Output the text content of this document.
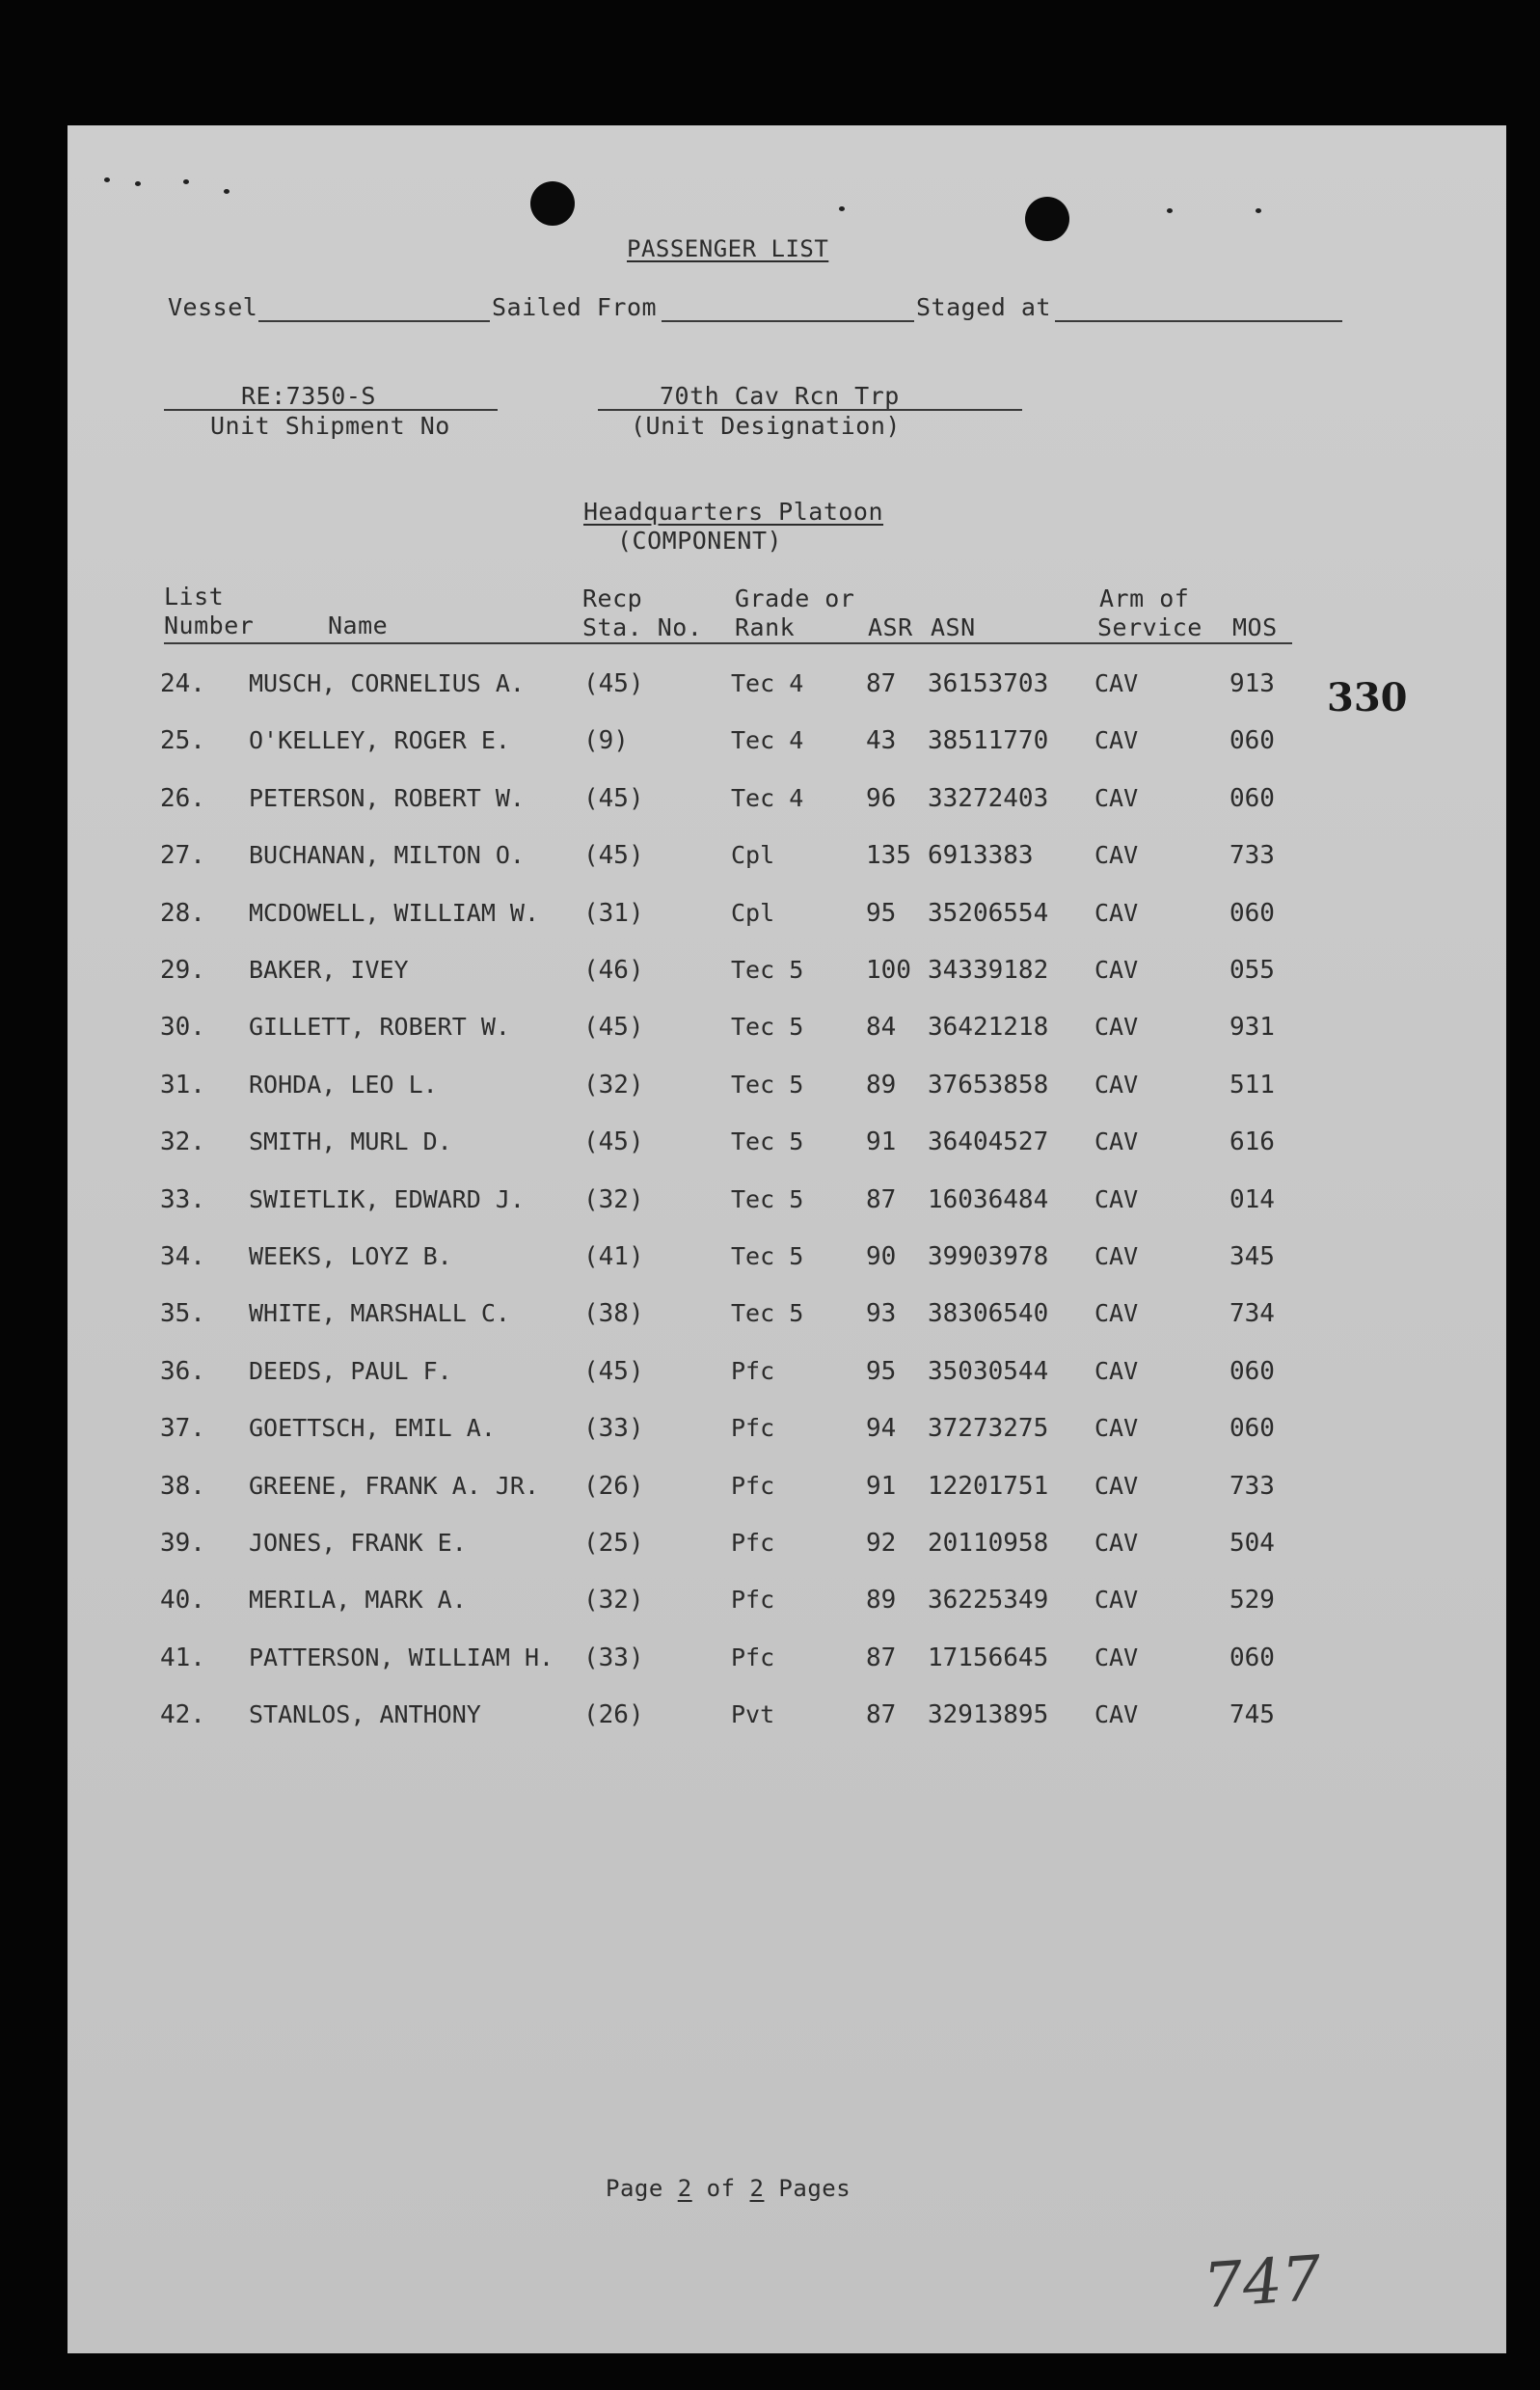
PASSENGER LIST
Vessel	Sailed From	Staged at
RE:7350-S
Unit Shipment No
70th Cav Rcn Trp
(Unit Designation)
Headquarters Platoon
(COMPONENT)
List
Number	Name
Recp
Sta. No.
Grade or
Rank	ASR ASN
Arm of
Service MOS
24. MUSCH, CORNELIUS A. (45)	Tec 4 87 36153703 CAV	913
25. O'KELLEY, ROGER E.	(9)	Tec 4 43 38511770 CAV	060
26. PETERSON, ROBERT W. (45)	Tec 4 96 33272403 CAV	060
27. BUCHANAN, MILTON O. (45)	Cpl	135 6913383	CAV	733
28. MCDOWELL, WILLIAM W. (31)	Cpl	95 35206554 CAV	060
29. BAKER, IVEY	(46)	Tec 5 100 34339182 CAV	055
30. GILLETT, ROBERT W.	(45)	Tec 5 84 36421218 CAV	931
31. ROHDA, LEO L.	(32)	Tec 5 89 37653858 CAV	511
32. SMITH, MURL D.	(45)	Tec 5 91 36404527 CAV	616
33. SWIETLIK, EDWARD J. (32)	Tec 5 87 16036484 CAV	014
34. WEEKS, LOYZ B.	(41)	Tec 5 90 39903978 CAV	345
35. WHITE, MARSHALL C.	(38)	Tec 5 93 38306540 CAV	734
36. DEEDS, PAUL F.	(45)	Pfc	95 35030544 CAV	060
37. GOETTSCH, EMIL A.	(33)	Pfc	94 37273275 CAV	060
38. GREENE, FRANK A. JR. (26)	Pfc	91 12201751 CAV	733
39. JONES, FRANK E.	(25)	Pfc	92 20110958 CAV	504
40. MERILA, MARK A.	(32)	Pfc	89 36225349 CAV	529
41. PATTERSON, WILLIAM H. (33)	Pfc	87 17156645 CAV	060
42. STANLOS, ANTHONY	(26)	Pvt	87 32913895 CAV	745
330
Page 2 of 2 Pages
747
